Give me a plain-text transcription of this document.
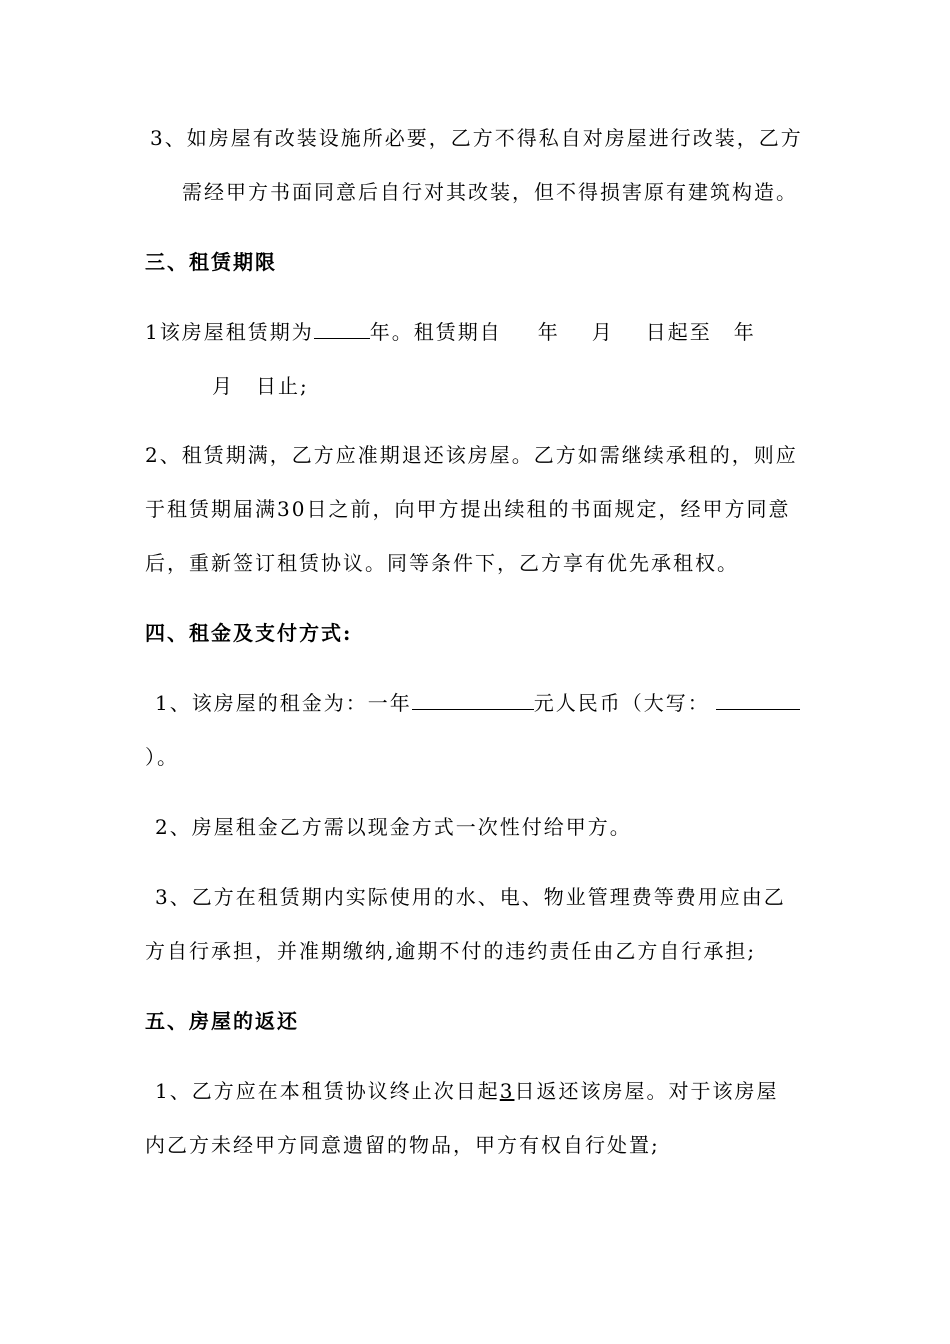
3、如房屋有改装设施所必要，乙方不得私自对房屋进行改装，乙方
需经甲方书面同意后自行对其改装，但不得损害原有建筑构造。
三、租赁期限
1该房屋租赁期为	年。租赁期自 年 月 日起至 年
月 日止;
2、租赁期满，乙方应准期退还该房屋。乙方如需继续承租的，则应
于租赁期届满30日之前，向甲方提出续租的书面规定，经甲方同意
后，重新签订租赁协议。同等条件下，乙方享有优先承租权。
四、租金及支付方式:
1、该房屋的租金为：一年	元人民币（大写：
）。
2、房屋租金乙方需以现金方式一次性付给甲方。
3、乙方在租赁期内实际使用的水、电、物业管理费等费用应由乙
方自行承担，并准期缴纳,逾期不付的违约责任由乙方自行承担;
五、房屋的返还
1、乙方应在本租赁协议终止次日起3日返还该房屋。对于该房屋
内乙方未经甲方同意遗留的物品，甲方有权自行处置;
